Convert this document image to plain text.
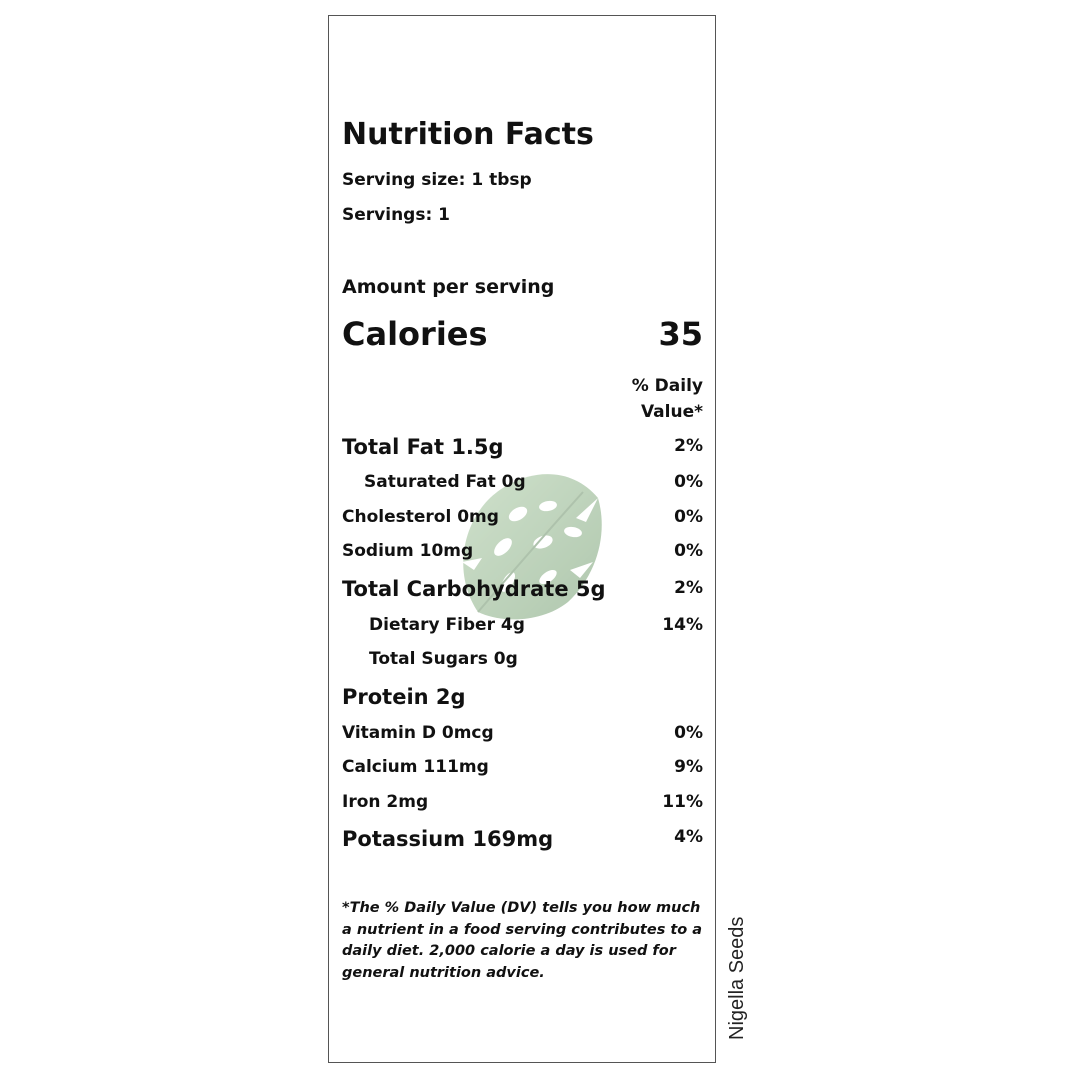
Nutrition Facts
Serving size: 1 tbsp
Servings: 1
Amount per serving
Calories	35
% Daily Value*
Total Fat 1.5g	2%
Saturated Fat 0g	0%
Cholesterol 0mg	0%
Sodium 10mg	0%
Total Carbohydrate 5g	2%
Dietary Fiber 4g	14%
Total Sugars 0g
Protein 2g
Vitamin D 0mcg	0%
Calcium 111mg	9%
Iron 2mg	11%
Potassium 169mg	4%
*The % Daily Value (DV) tells you how much a nutrient in a food serving contributes to a daily diet. 2,000 calorie a day is used for general nutrition advice.	Nigella Seeds
